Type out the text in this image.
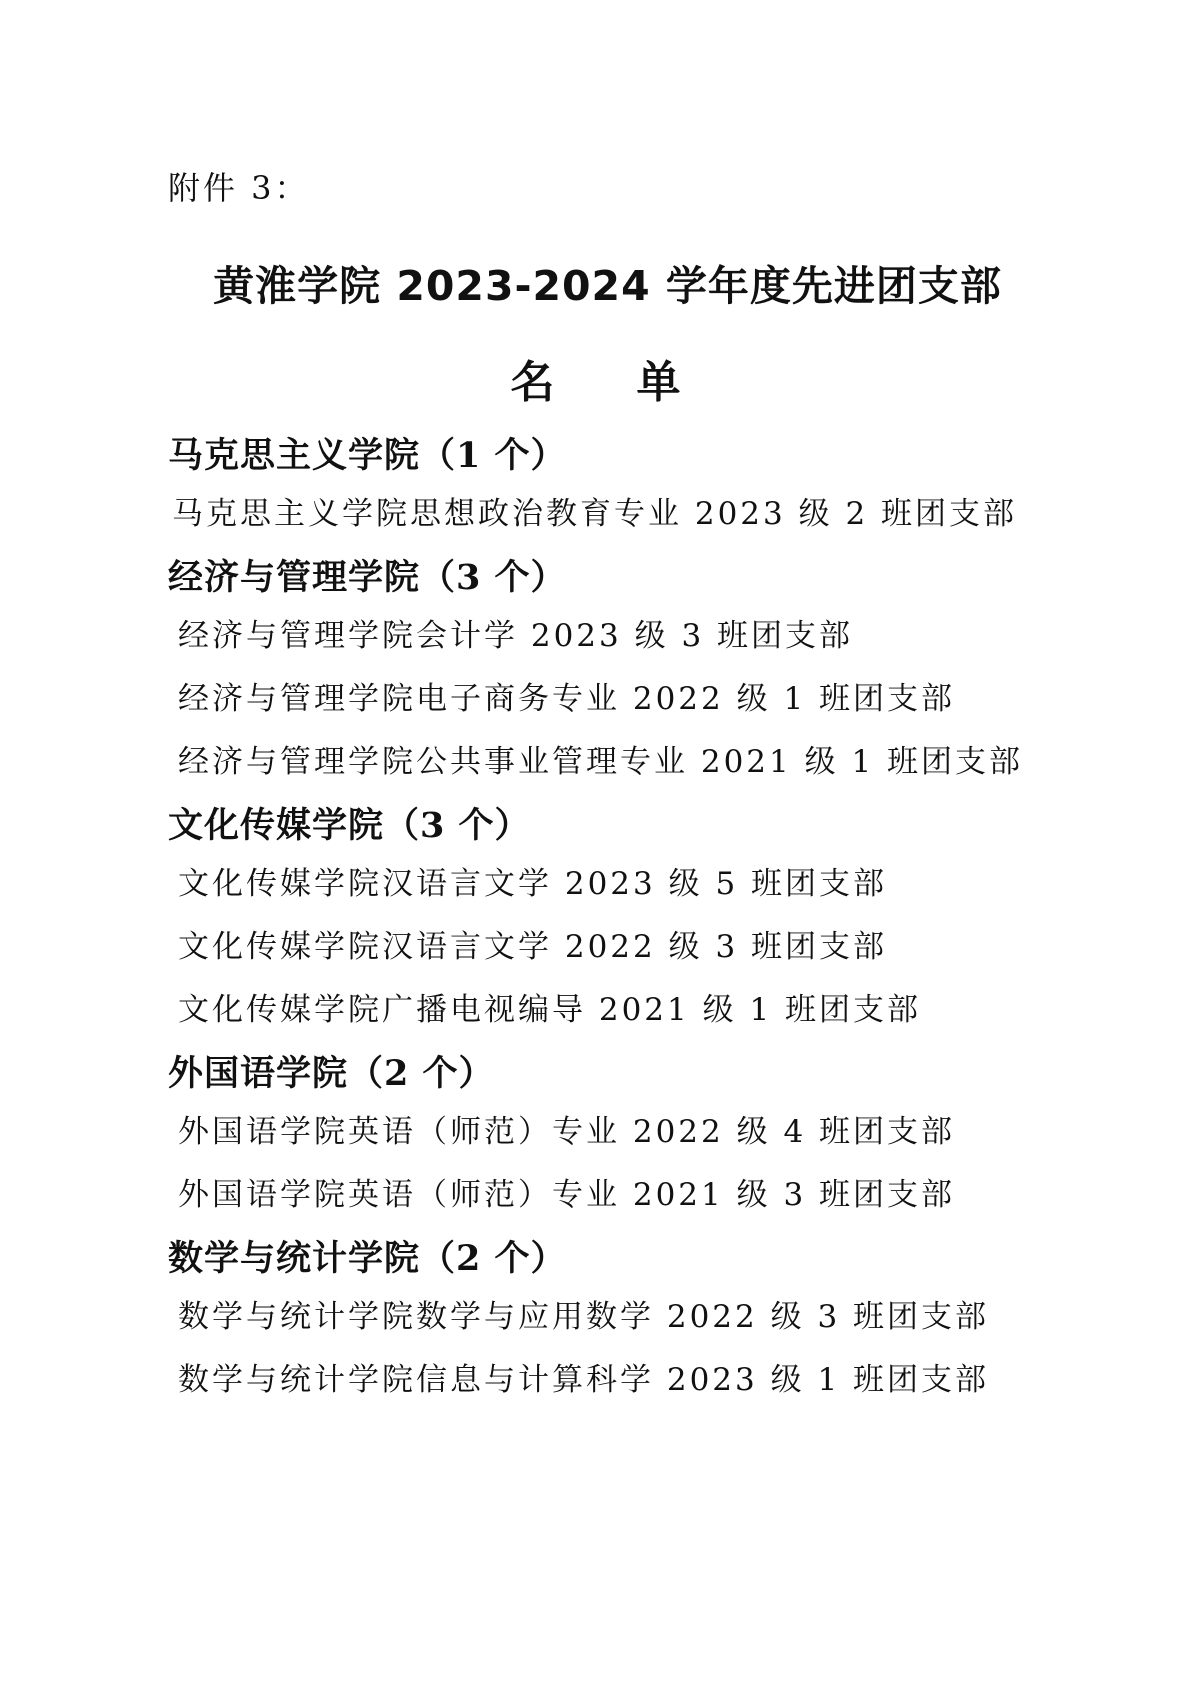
附件 3：
黄淮学院 2023-2024 学年度先进团支部
名单
马克思主义学院（1 个）
马克思主义学院思想政治教育专业 2023 级 2 班团支部
经济与管理学院（3 个）
经济与管理学院会计学 2023 级 3 班团支部
经济与管理学院电子商务专业 2022 级 1 班团支部
经济与管理学院公共事业管理专业 2021 级 1 班团支部
文化传媒学院（3 个）
文化传媒学院汉语言文学 2023 级 5 班团支部
文化传媒学院汉语言文学 2022 级 3 班团支部
文化传媒学院广播电视编导 2021 级 1 班团支部
外国语学院（2 个）
外国语学院英语（师范）专业 2022 级 4 班团支部
外国语学院英语（师范）专业 2021 级 3 班团支部
数学与统计学院（2 个）
数学与统计学院数学与应用数学 2022 级 3 班团支部
数学与统计学院信息与计算科学 2023 级 1 班团支部
